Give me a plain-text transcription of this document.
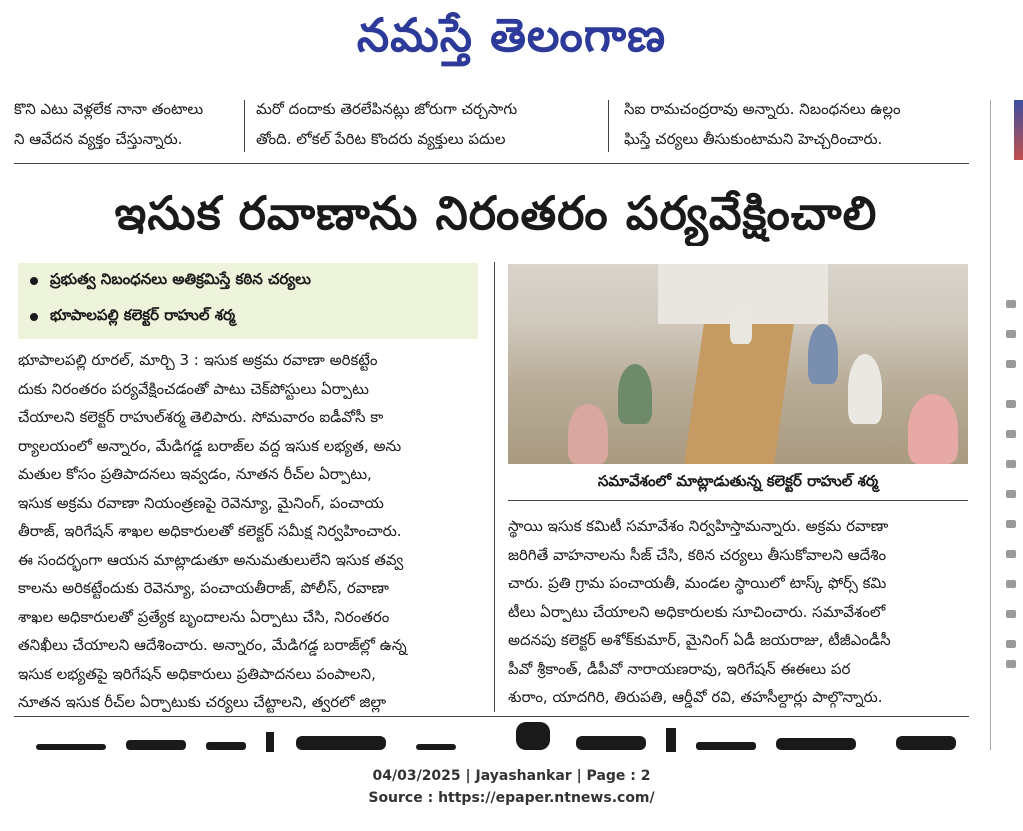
నమస్తే తెలంగాణ
కొని ఎటు వెళ్లలేక నానా తంటాలు
ని ఆవేదన వ్యక్తం చేస్తున్నారు.
మరో దందాకు తెరలేపినట్లు జోరుగా చర్చసాగు
తోంది. లోకల్ పేరిట కొందరు వ్యక్తులు పదుల
సిఐ రామచంద్రరావు అన్నారు. నిబంధనలు ఉల్లం
ఘిస్తే చర్యలు తీసుకుంటామని హెచ్చరించారు.
ఇసుక రవాణాను నిరంతరం పర్యవేక్షించాలి
ప్రభుత్వ నిబంధనలు అతిక్రమిస్తే కఠిన చర్యలు
భూపాలపల్లి కలెక్టర్ రాహుల్ శర్మ

భూపాలపల్లి రూరల్, మార్చి 3 : ఇసుక అక్రమ రవాణా అరికట్టేం

దుకు నిరంతరం పర్యవేక్షించడంతో పాటు చెక్‌పోస్టులు ఏర్పాటు

చేయాలని కలెక్టర్ రాహుల్‌శర్మ తెలిపారు. సోమవారం ఐడీవోసీ కా

ర్యాలయంలో అన్నారం, మేడిగడ్డ బరాజ్‌ల వద్ద ఇసుక లభ్యత, అను

మతుల కోసం ప్రతిపాదనలు ఇవ్వడం, నూతన రీచ్‌ల ఏర్పాటు,

ఇసుక అక్రమ రవాణా నియంత్రణపై రెవెన్యూ, మైనింగ్, పంచాయ

తీరాజ్, ఇరిగేషన్ శాఖల అధికారులతో కలెక్టర్ సమీక్ష నిర్వహించారు.

ఈ సందర్భంగా ఆయన మాట్లాడుతూ అనుమతులులేని ఇసుక తవ్వ

కాలను అరికట్టేందుకు రెవెన్యూ, పంచాయతీరాజ్, పోలీస్, రవాణా

శాఖల అధికారులతో ప్రత్యేక బృందాలను ఏర్పాటు చేసి, నిరంతరం

తనిఖీలు చేయాలని ఆదేశించారు. అన్నారం, మేడిగడ్డ బరాజ్‌ల్లో ఉన్న

ఇసుక లభ్యతపై ఇరిగేషన్ అధికారులు ప్రతిపాదనలు పంపాలని,

నూతన ఇసుక రీచ్‌ల ఏర్పాటుకు చర్యలు చేట్టాలని, త్వరలో జిల్లా

సమావేశంలో మాట్లాడుతున్న కలెక్టర్ రాహుల్ శర్మ

స్థాయి ఇసుక కమిటీ సమావేశం నిర్వహిస్తామన్నారు. అక్రమ రవాణా

జరిగితే వాహనాలను సీజ్ చేసి, కఠిన చర్యలు తీసుకోవాలని ఆదేశిం

చారు. ప్రతి గ్రామ పంచాయతీ, మండల స్థాయిలో టాస్క్ ఫోర్స్ కమి

టీలు ఏర్పాటు చేయాలని అధికారులకు సూచించారు. సమావేశంలో

అదనపు కలెక్టర్ అశోక్‌కుమార్, మైనింగ్ ఏడీ జయరాజు, టీజీఎండీసీ

పీవో శ్రీకాంత్, డీపీవో నారాయణరావు, ఇరిగేషన్ ఈఈలు పర

శురాం, యాదగిరి, తిరుపతి, ఆర్డీవో రవి, తహసీల్దార్లు పాల్గొన్నారు.

04/03/2025 | Jayashankar | Page : 2
Source : https://epaper.ntnews.com/
